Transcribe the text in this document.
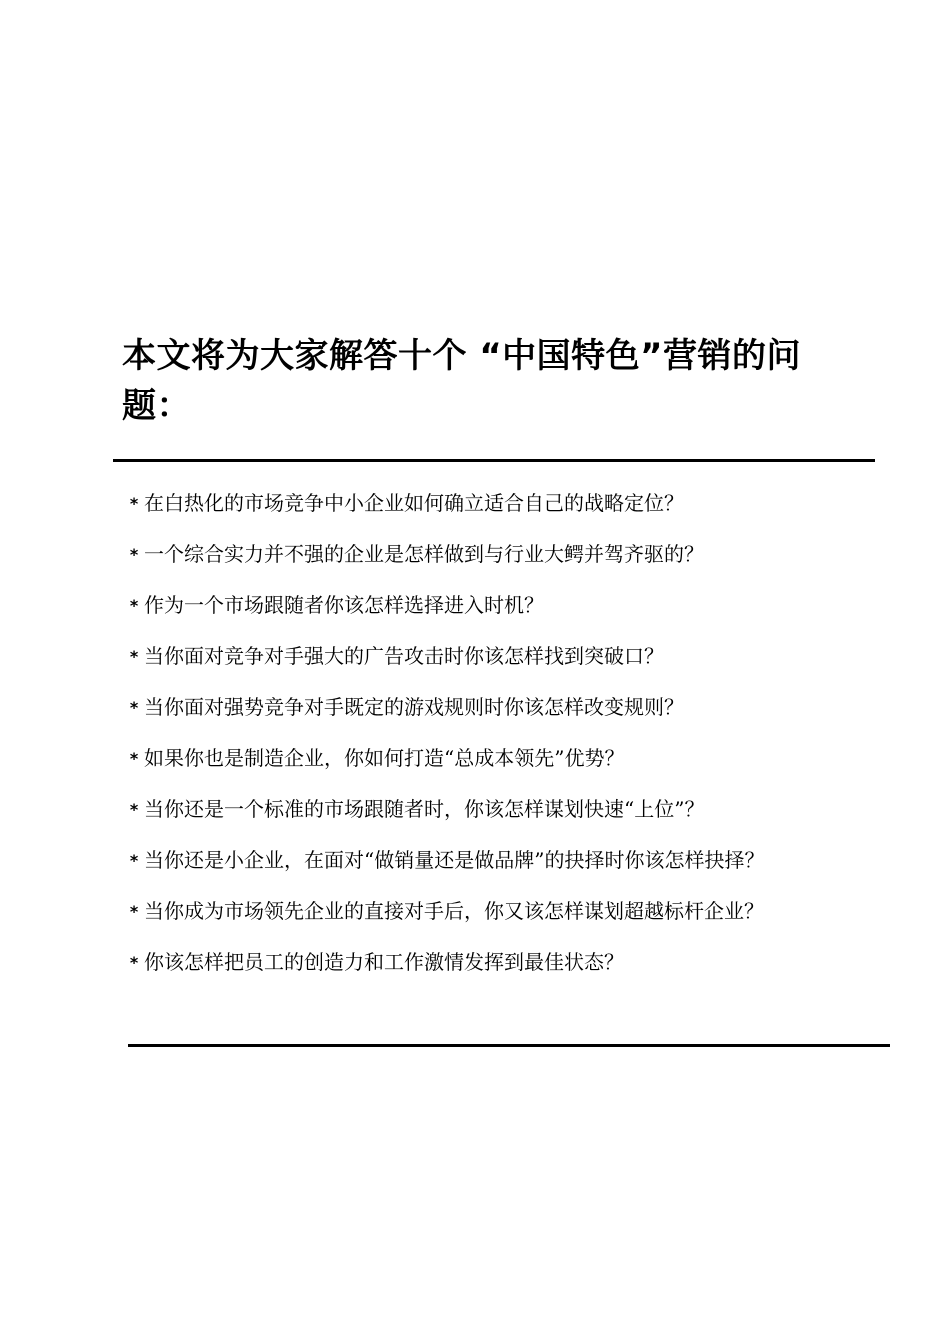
本文将为大家解答十个 “中国特色”营销的问题：
* 在白热化的市场竞争中小企业如何确立适合自己的战略定位？
* 一个综合实力并不强的企业是怎样做到与行业大鳄并驾齐驱的？
* 作为一个市场跟随者你该怎样选择进入时机？
* 当你面对竞争对手强大的广告攻击时你该怎样找到突破口？
* 当你面对强势竞争对手既定的游戏规则时你该怎样改变规则？
* 如果你也是制造企业，你如何打造“总成本领先”优势？
* 当你还是一个标准的市场跟随者时，你该怎样谋划快速“上位”？
* 当你还是小企业，在面对“做销量还是做品牌”的抉择时你该怎样抉择？
* 当你成为市场领先企业的直接对手后，你又该怎样谋划超越标杆企业？
* 你该怎样把员工的创造力和工作激情发挥到最佳状态？
